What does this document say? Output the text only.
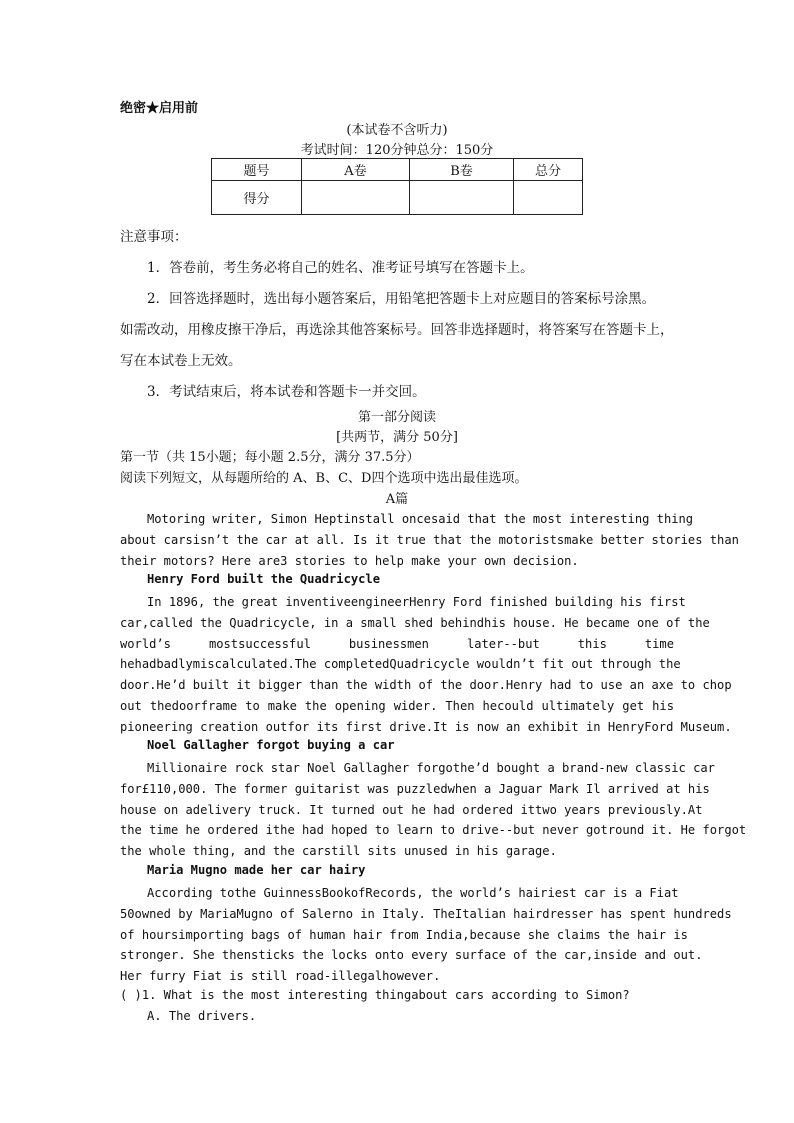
绝密★启用前
(本试卷不含听力)
考试时间：120分钟总分：150分
题号	A卷	B卷	总分
得分			
注意事项：
1．答卷前，考生务必将自己的姓名、准考证号填写在答题卡上。
2．回答选择题时，选出每小题答案后，用铅笔把答题卡上对应题目的答案标号涂黑。
如需改动，用橡皮擦干净后，再选涂其他答案标号。回答非选择题时，将答案写在答题卡上，
写在本试卷上无效。
3．考试结束后，将本试卷和答题卡一并交回。
第一部分阅读
[共两节，满分 50分]
第一节（共 15小题；每小题 2.5分，满分 37.5分）
阅读下列短文，从每题所给的 A、B、C、D四个选项中选出最佳选项。
A篇
Motoring writer, Simon Heptinstall oncesaid that the most interesting thing
about carsisn’t the car at all. Is it true that the motoristsmake better stories than
their motors? Here are3 stories to help make your own decision.
Henry Ford built the Quadricycle
In 1896, the great inventiveengineerHenry Ford finished building his first
car,called the Quadricycle, in a small shed behindhis house. He became one of the
world’s mostsuccessful businessmen later--but this time
hehadbadlymiscalculated.The completedQuadricycle wouldn’t fit out through the
door.He’d built it bigger than the width of the door.Henry had to use an axe to chop
out thedoorframe to make the opening wider. Then hecould ultimately get his
pioneering creation outfor its first drive.It is now an exhibit in HenryFord Museum.
Noel Gallagher forgot buying a car
Millionaire rock star Noel Gallagher forgothe’d bought a brand-new classic car
for£110,000. The former guitarist was puzzledwhen a Jaguar Mark Il arrived at his
house on adelivery truck. It turned out he had ordered ittwo years previously.At
the time he ordered ithe had hoped to learn to drive--but never gotround it. He forgot
the whole thing, and the carstill sits unused in his garage.
Maria Mugno made her car hairy
According tothe GuinnessBookofRecords, the world’s hairiest car is a Fiat
50owned by MariaMugno of Salerno in Italy. TheItalian hairdresser has spent hundreds
of hoursimporting bags of human hair from India,because she claims the hair is
stronger. She thensticks the locks onto every surface of the car,inside and out.
Her furry Fiat is still road-illegalhowever.
( )1. What is the most interesting thingabout cars according to Simon?
A. The drivers.
